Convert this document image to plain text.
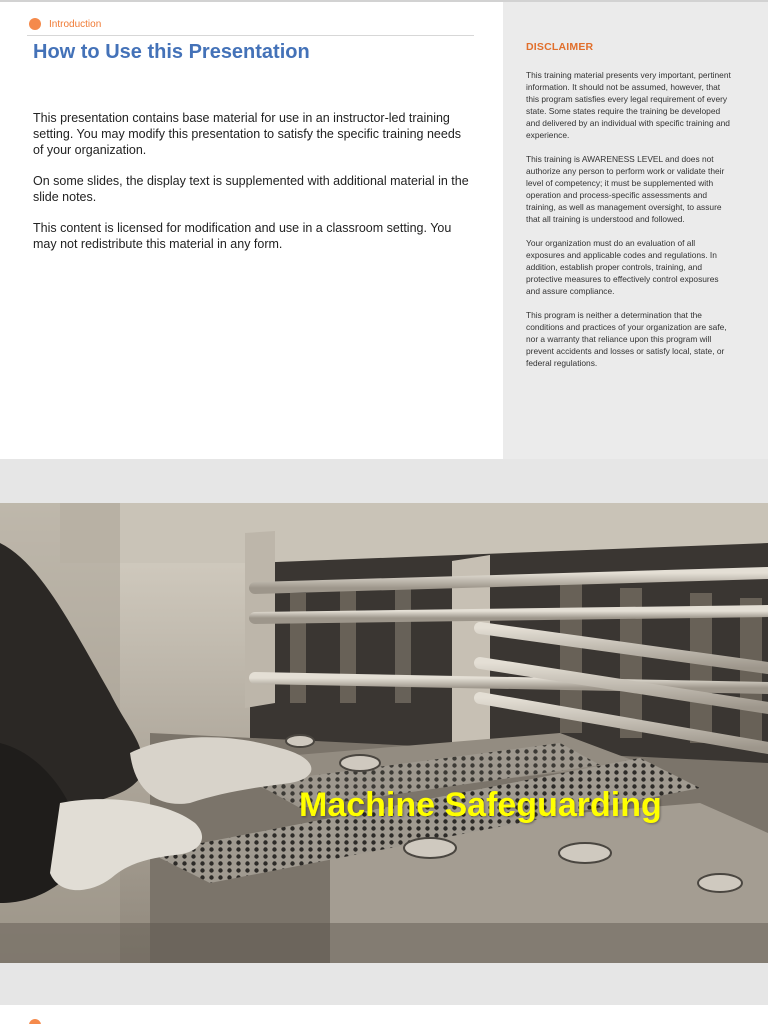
Introduction
How to Use this Presentation

This presentation contains base material for use in an instructor-led training setting. You may modify this presentation to satisfy the specific training needs of your organization.

On some slides, the display text is supplemented with additional material in the slide notes.

This content is licensed for modification and use in a classroom setting. You may not redistribute this material in any form.

DISCLAIMER

This training material presents very important, pertinent information. It should not be assumed, however, that this program satisfies every legal requirement of every state. Some states require the training be developed and delivered by an individual with specific training and experience.

This training is AWARENESS LEVEL and does not authorize any person to perform work or validate their level of competency; it must be supplemented with operation and process-specific assessments and training, as well as management oversight, to assure that all training is understood and followed.

Your organization must do an evaluation of all exposures and applicable codes and regulations. In addition, establish proper controls, training, and protective measures to effectively control exposures and assure compliance.

This program is neither a determination that the conditions and practices of your organization are safe, nor a warranty that reliance upon this program will prevent accidents and losses or satisfy local, state, or federal regulations.

Machine Safeguarding
